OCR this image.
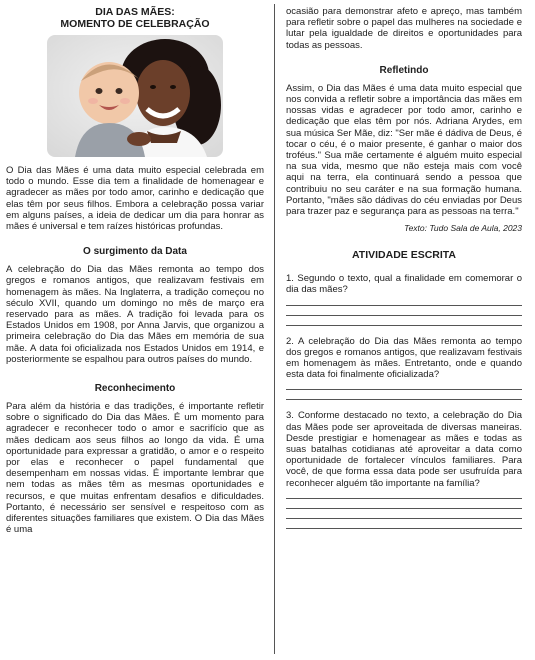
DIA DAS MÃES:

MOMENTO DE CELEBRAÇÃO

O Dia das Mães é uma data muito especial celebrada em todo o mundo. Esse dia tem a finalidade de homenagear e agradecer as mães por todo amor, carinho e dedicação que elas têm por seus filhos. Embora a celebração possa variar em alguns países, a ideia de dedicar um dia para honrar as mães é universal e tem raízes históricas profundas.

O surgimento da Data

A celebração do Dia das Mães remonta ao tempo dos gregos e romanos antigos, que realizavam festivais em homenagem às mães. Na Inglaterra, a tradição começou no século XVII, quando um domingo no mês de março era reservado para as mães. A tradição foi levada para os Estados Unidos em 1908, por Anna Jarvis, que organizou a primeira celebração do Dia das Mães em memória de sua mãe. A data foi oficializada nos Estados Unidos em 1914, e posteriormente se espalhou para outros países do mundo.

Reconhecimento

Para além da história e das tradições, é importante refletir sobre o significado do Dia das Mães. É um momento para agradecer e reconhecer todo o amor e sacrifício que as mães dedicam aos seus filhos ao longo da vida. É uma oportunidade para expressar a gratidão, o amor e o respeito por elas e reconhecer o papel fundamental que desempenham em nossas vidas. É importante lembrar que nem todas as mães têm as mesmas oportunidades e recursos, e que muitas enfrentam desafios e dificuldades. Portanto, é necessário ser sensível e respeitoso com as diferentes situações familiares que existem. O Dia das Mães é uma

ocasião para demonstrar afeto e apreço, mas também para refletir sobre o papel das mulheres na sociedade e lutar pela igualdade de direitos e oportunidades para todas as pessoas.

Refletindo

Assim, o Dia das Mães é uma data muito especial que nos convida a refletir sobre a importância das mães em nossas vidas e agradecer por todo amor, carinho e dedicação que elas têm por nós. Adriana Arydes, em sua música Ser Mãe, diz: "Ser mãe é dádiva de Deus, é tocar o céu, é o maior presente, é ganhar o maior dos troféus." Sua mãe certamente é alguém muito especial na sua vida, mesmo que não esteja mais com você aqui na terra, ela continuará sendo a pessoa que contribuiu no seu caráter e na sua formação humana. Portanto, "mães são dádivas do céu enviadas por Deus para trazer paz e segurança para as pessoas na terra."

Texto: Tudo Sala de Aula, 2023

ATIVIDADE ESCRITA

1. Segundo o texto, qual a finalidade em comemorar o dia das mães?

2. A celebração do Dia das Mães remonta ao tempo dos gregos e romanos antigos, que realizavam festivais em homenagem às mães. Entretanto, onde e quando esta data foi finalmente oficializada?

3. Conforme destacado no texto, a celebração do Dia das Mães pode ser aproveitada de diversas maneiras. Desde prestigiar e homenagear as mães e todas as suas batalhas cotidianas até aproveitar a data como oportunidade de fortalecer vínculos familiares. Para você, de que forma essa data pode ser usufruída para reconhecer alguém tão importante na família?
